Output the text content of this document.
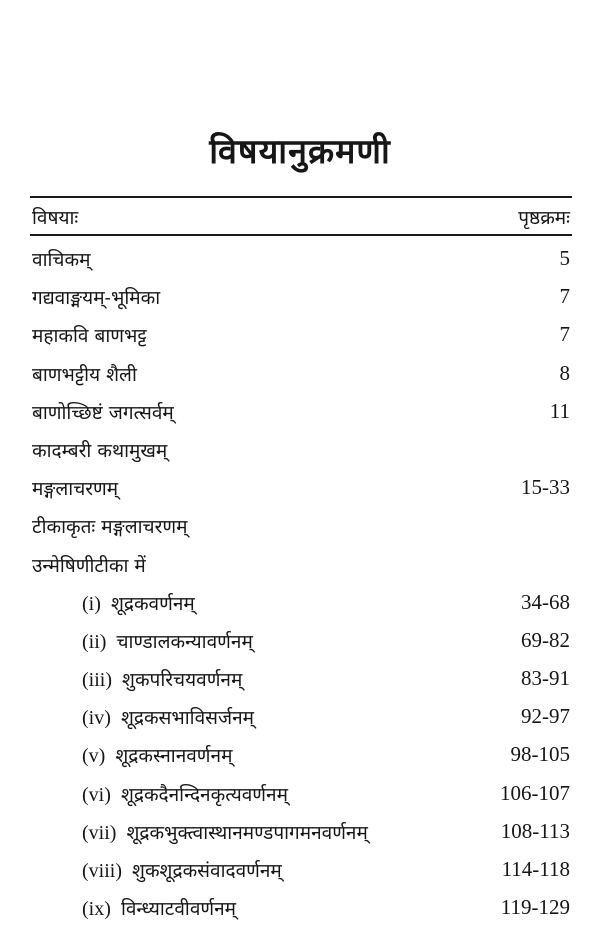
विषयानुक्रमणी
विषयाः	पृष्ठक्रमः
वाचिकम्	5
गद्यवाङ्मयम्-भूमिका	7
महाकवि बाणभट्ट	7
बाणभट्टीय शैली	8
बाणोच्छिष्टं जगत्सर्वम्	11
कादम्बरी कथामुखम्
मङ्गलाचरणम्	15-33
टीकाकृतः मङ्गलाचरणम्
उन्मेषिणीटीका में
(i) शूद्रकवर्णनम्	34-68
(ii) चाण्डालकन्यावर्णनम्	69-82
(iii) शुकपरिचयवर्णनम्	83-91
(iv) शूद्रकसभाविसर्जनम्	92-97
(v) शूद्रकस्नानवर्णनम्	98-105
(vi) शूद्रकदैनन्दिनकृत्यवर्णनम्	106-107
(vii) शूद्रकभुक्त्वास्थानमण्डपागमनवर्णनम्	108-113
(viii) शुकशूद्रकसंवादवर्णनम्	114-118
(ix) विन्ध्याटवीवर्णनम्	119-129
